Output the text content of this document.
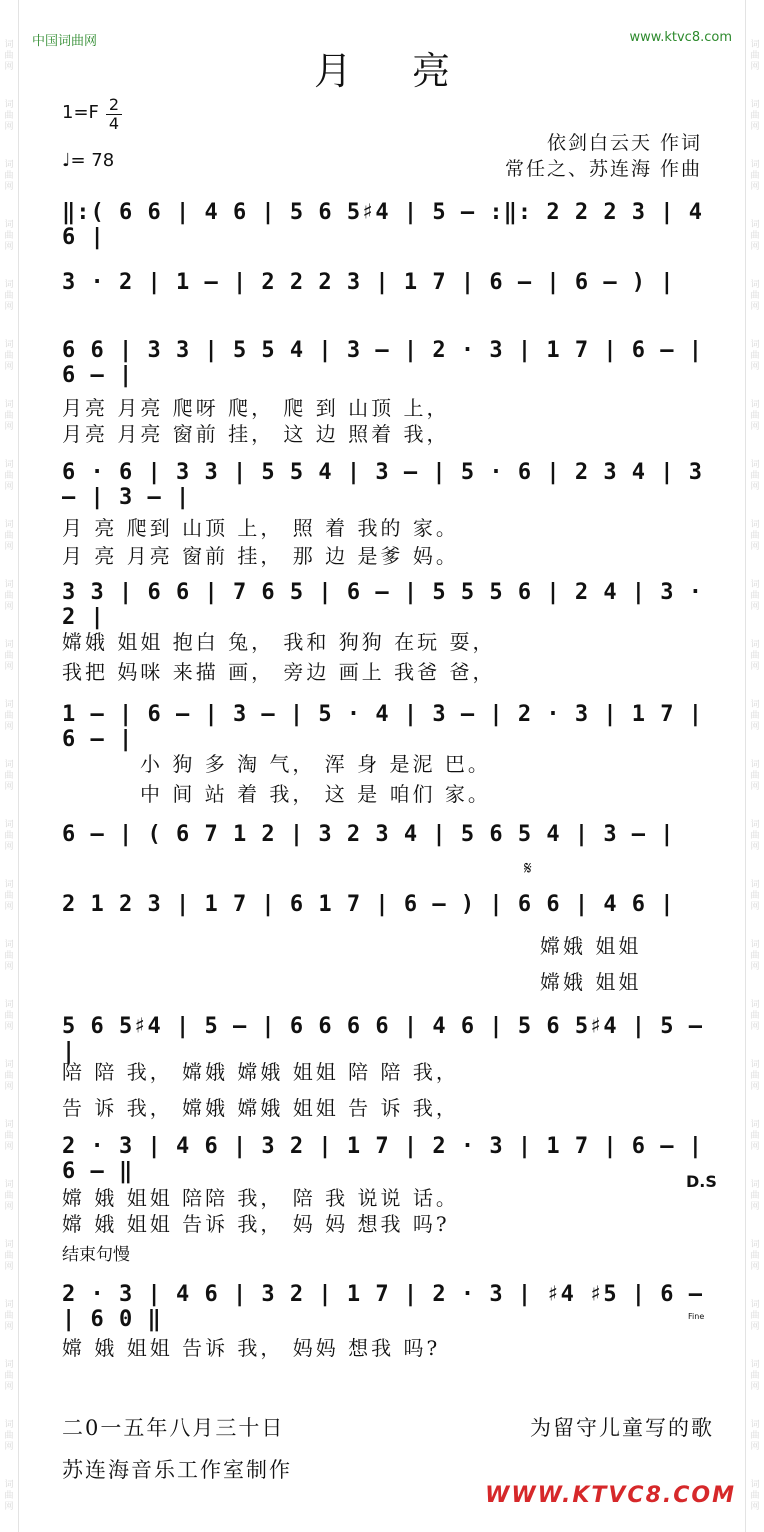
词曲网
词曲网
词曲网
词曲网
词曲网
词曲网
词曲网
词曲网
词曲网
词曲网
词曲网
词曲网
词曲网
词曲网
词曲网
词曲网
词曲网
词曲网
词曲网
词曲网
词曲网
词曲网
词曲网
词曲网
词曲网
词曲网
词曲网
词曲网
词曲网
词曲网
词曲网
词曲网
词曲网
词曲网
词曲网
词曲网
词曲网
词曲网
词曲网
词曲网
词曲网
词曲网
词曲网
词曲网
词曲网
词曲网
词曲网
词曲网
词曲网
词曲网
中国词曲网	www.ktvc8.com
月亮
1=F 2
4
♩= 78
依剑白云天 作词
常任之、苏连海 作曲
‖:( 6 6 | 4 6 | 5 6 5♯4 | 5 — :‖: 2 2 2 3 | 4 6 |
3 · 2 | 1 — | 2 2 2 3 | 1 7 | 6 — | 6 — ) |
6 6 | 3 3 | 5 5 4 | 3 — | 2 · 3 | 1 7 | 6 — | 6 — |
月亮 月亮 爬呀 爬， 爬 到 山顶 上，
月亮 月亮 窗前 挂， 这 边 照着 我，
6 · 6 | 3 3 | 5 5 4 | 3 — | 5 · 6 | 2 3 4 | 3 — | 3 — |
月 亮 爬到 山顶 上， 照 着 我的 家。
月 亮 月亮 窗前 挂， 那 边 是爹 妈。
3 3 | 6 6 | 7 6 5 | 6 — | 5 5 5 6 | 2 4 | 3 · 2 |
嫦娥 姐姐 抱白 兔， 我和 狗狗 在玩 耍，
我把 妈咪 来描 画， 旁边 画上 我爸 爸，
1 — | 6 — | 3 — | 5 · 4 | 3 — | 2 · 3 | 1 7 | 6 — |
小 狗 多 淘 气， 浑 身 是泥 巴。
中 间 站 着 我， 这 是 咱们 家。
6 — | ( 6 7 1 2 | 3 2 3 4 | 5 6 5 4 | 3 — |
𝄋
2 1 2 3 | 1 7 | 6 1 7 | 6 — ) | 6 6 | 4 6 |
嫦娥 姐姐
嫦娥 姐姐
5 6 5♯4 | 5 — | 6 6 6 6 | 4 6 | 5 6 5♯4 | 5 — |
陪 陪 我， 嫦娥 嫦娥 姐姐 陪 陪 我，
告 诉 我， 嫦娥 嫦娥 姐姐 告 诉 我，
2 · 3 | 4 6 | 3 2 | 1 7 | 2 · 3 | 1 7 | 6 — | 6 — ‖	D.S
嫦 娥 姐姐 陪陪 我， 陪 我 说说 话。
嫦 娥 姐姐 告诉 我， 妈 妈 想我 吗?
结束句慢
2 · 3 | 4 6 | 3 2 | 1 7 | 2 · 3 | ♯4 ♯5 | 6 — | 6 0 ‖	Fine
嫦 娥 姐姐 告诉 我， 妈妈 想我 吗?
二0一五年八月三十日	为留守儿童写的歌
苏连海音乐工作室制作
WWW.KTVC8.COM
